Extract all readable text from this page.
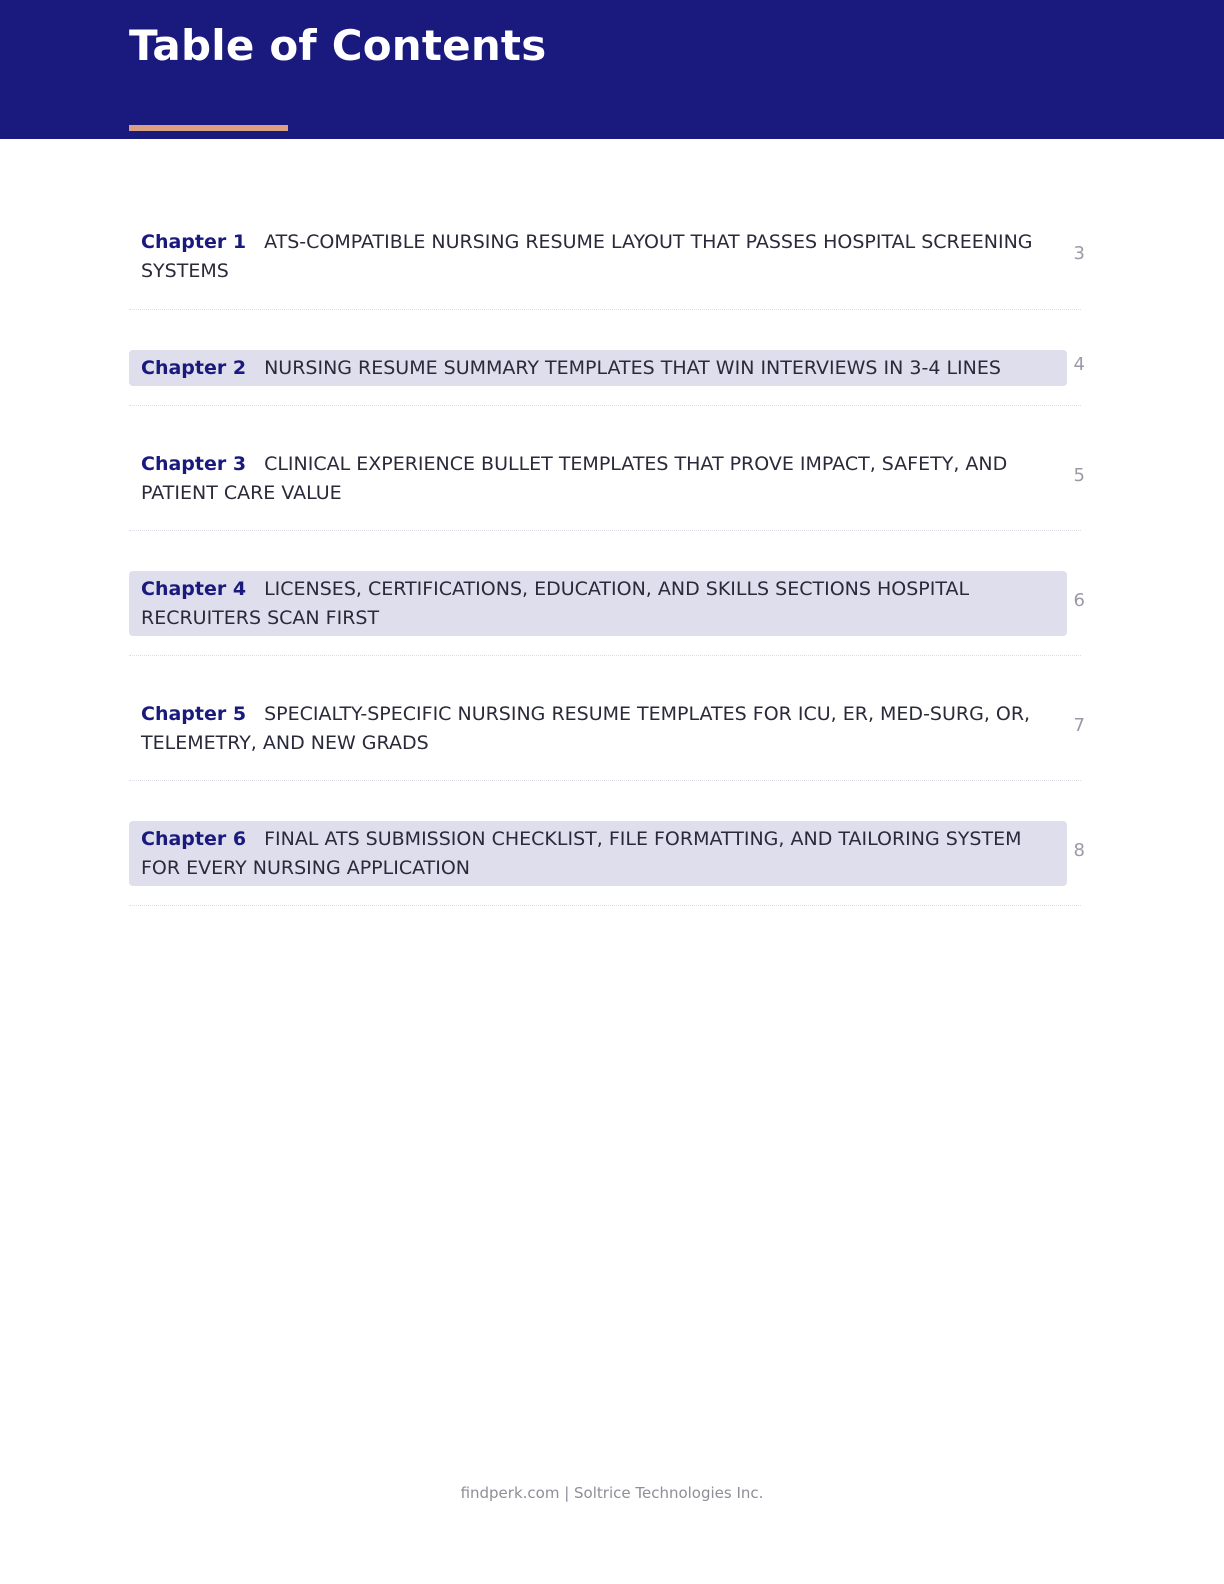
Table of Contents
Chapter 1 ATS-COMPATIBLE NURSING RESUME LAYOUT THAT PASSES HOSPITAL SCREENING SYSTEMS
3
Chapter 2 NURSING RESUME SUMMARY TEMPLATES THAT WIN INTERVIEWS IN 3-4 LINES	4
Chapter 3 CLINICAL EXPERIENCE BULLET TEMPLATES THAT PROVE IMPACT, SAFETY, AND PATIENT CARE VALUE
5
Chapter 4 LICENSES, CERTIFICATIONS, EDUCATION, AND SKILLS SECTIONS HOSPITAL RECRUITERS SCAN FIRST
6
Chapter 5 SPECIALTY-SPECIFIC NURSING RESUME TEMPLATES FOR ICU, ER, MED-SURG, OR, TELEMETRY, AND NEW GRADS
7
Chapter 6 FINAL ATS SUBMISSION CHECKLIST, FILE FORMATTING, AND TAILORING SYSTEM FOR EVERY NURSING APPLICATION
8
findperk.com | Soltrice Technologies Inc.
